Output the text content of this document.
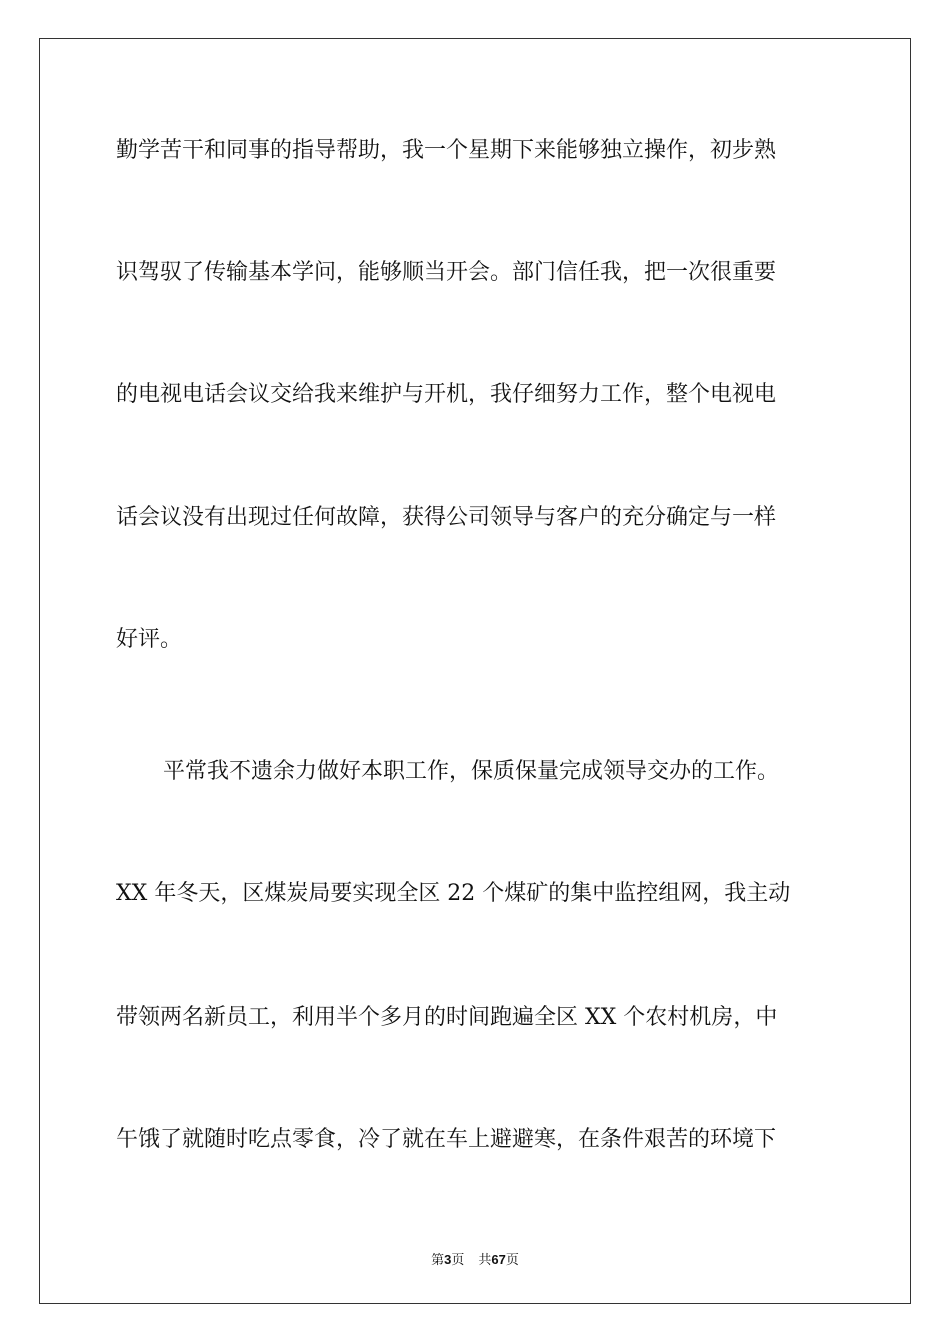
勤学苦干和同事的指导帮助，我一个星期下来能够独立操作，初步熟
识驾驭了传输基本学问，能够顺当开会。部门信任我，把一次很重要
的电视电话会议交给我来维护与开机，我仔细努力工作，整个电视电
话会议没有出现过任何故障，获得公司领导与客户的充分确定与一样
好评。
平常我不遗余力做好本职工作，保质保量完成领导交办的工作。
XX 年冬天，区煤炭局要实现全区 22 个煤矿的集中监控组网，我主动
带领两名新员工，利用半个多月的时间跑遍全区 XX 个农村机房，中
午饿了就随时吃点零食，冷了就在车上避避寒，在条件艰苦的环境下
第3页 共67页
